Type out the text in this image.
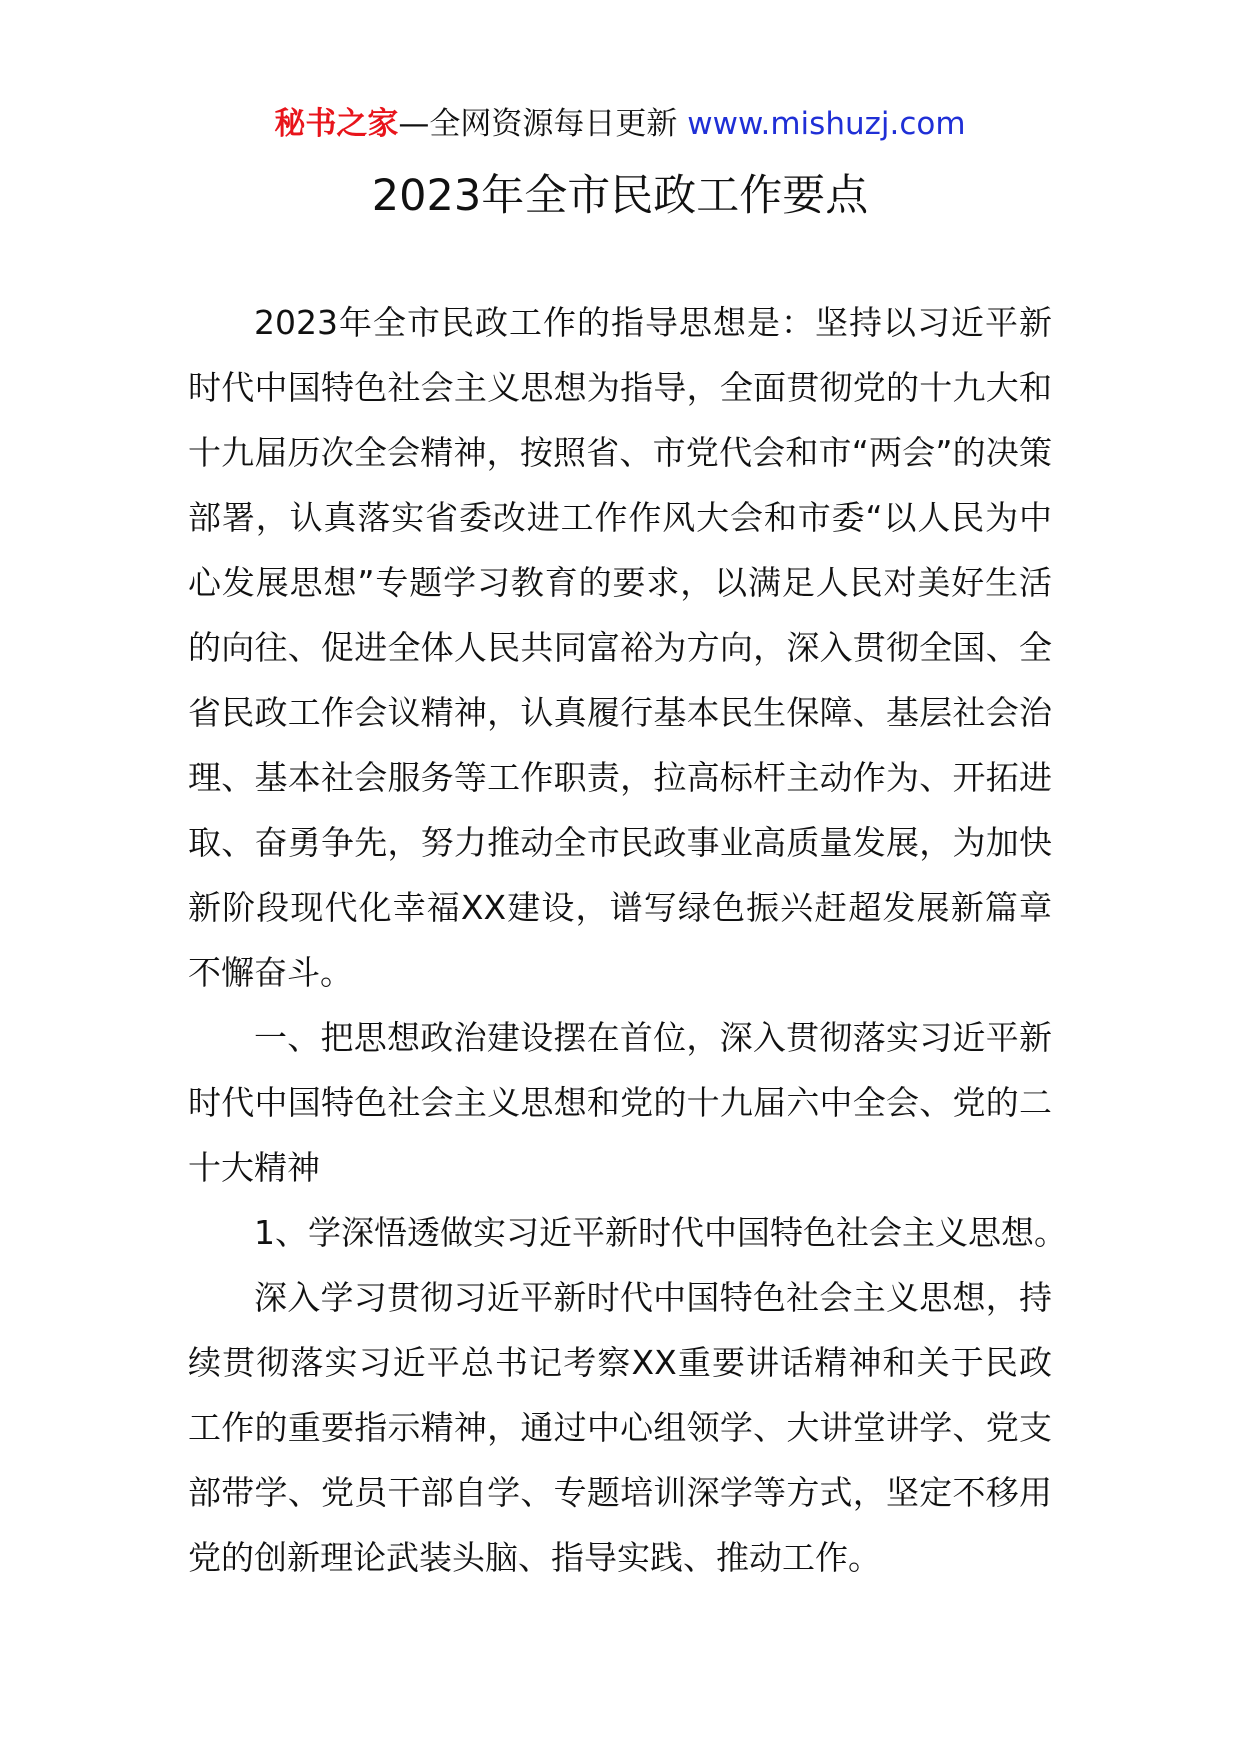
秘书之家—全网资源每日更新 www.mishuzj.com
2023年全市民政工作要点

2023年全市民政工作的指导思想是：坚持以习近平新时代中国特色社会主义思想为指导，全面贯彻党的十九大和十九届历次全会精神，按照省、市党代会和市“两会”的决策部署，认真落实省委改进工作作风大会和市委“以人民为中心发展思想”专题学习教育的要求，以满足人民对美好生活的向往、促进全体人民共同富裕为方向，深入贯彻全国、全省民政工作会议精神，认真履行基本民生保障、基层社会治理、基本社会服务等工作职责，拉高标杆主动作为、开拓进取、奋勇争先，努力推动全市民政事业高质量发展，为加快新阶段现代化幸福XX建设，谱写绿色振兴赶超发展新篇章不懈奋斗。

一、把思想政治建设摆在首位，深入贯彻落实习近平新时代中国特色社会主义思想和党的十九届六中全会、党的二十大精神

1、学深悟透做实习近平新时代中国特色社会主义思想。

深入学习贯彻习近平新时代中国特色社会主义思想，持续贯彻落实习近平总书记考察XX重要讲话精神和关于民政工作的重要指示精神，通过中心组领学、大讲堂讲学、党支部带学、党员干部自学、专题培训深学等方式，坚定不移用党的创新理论武装头脑、指导实践、推动工作。
